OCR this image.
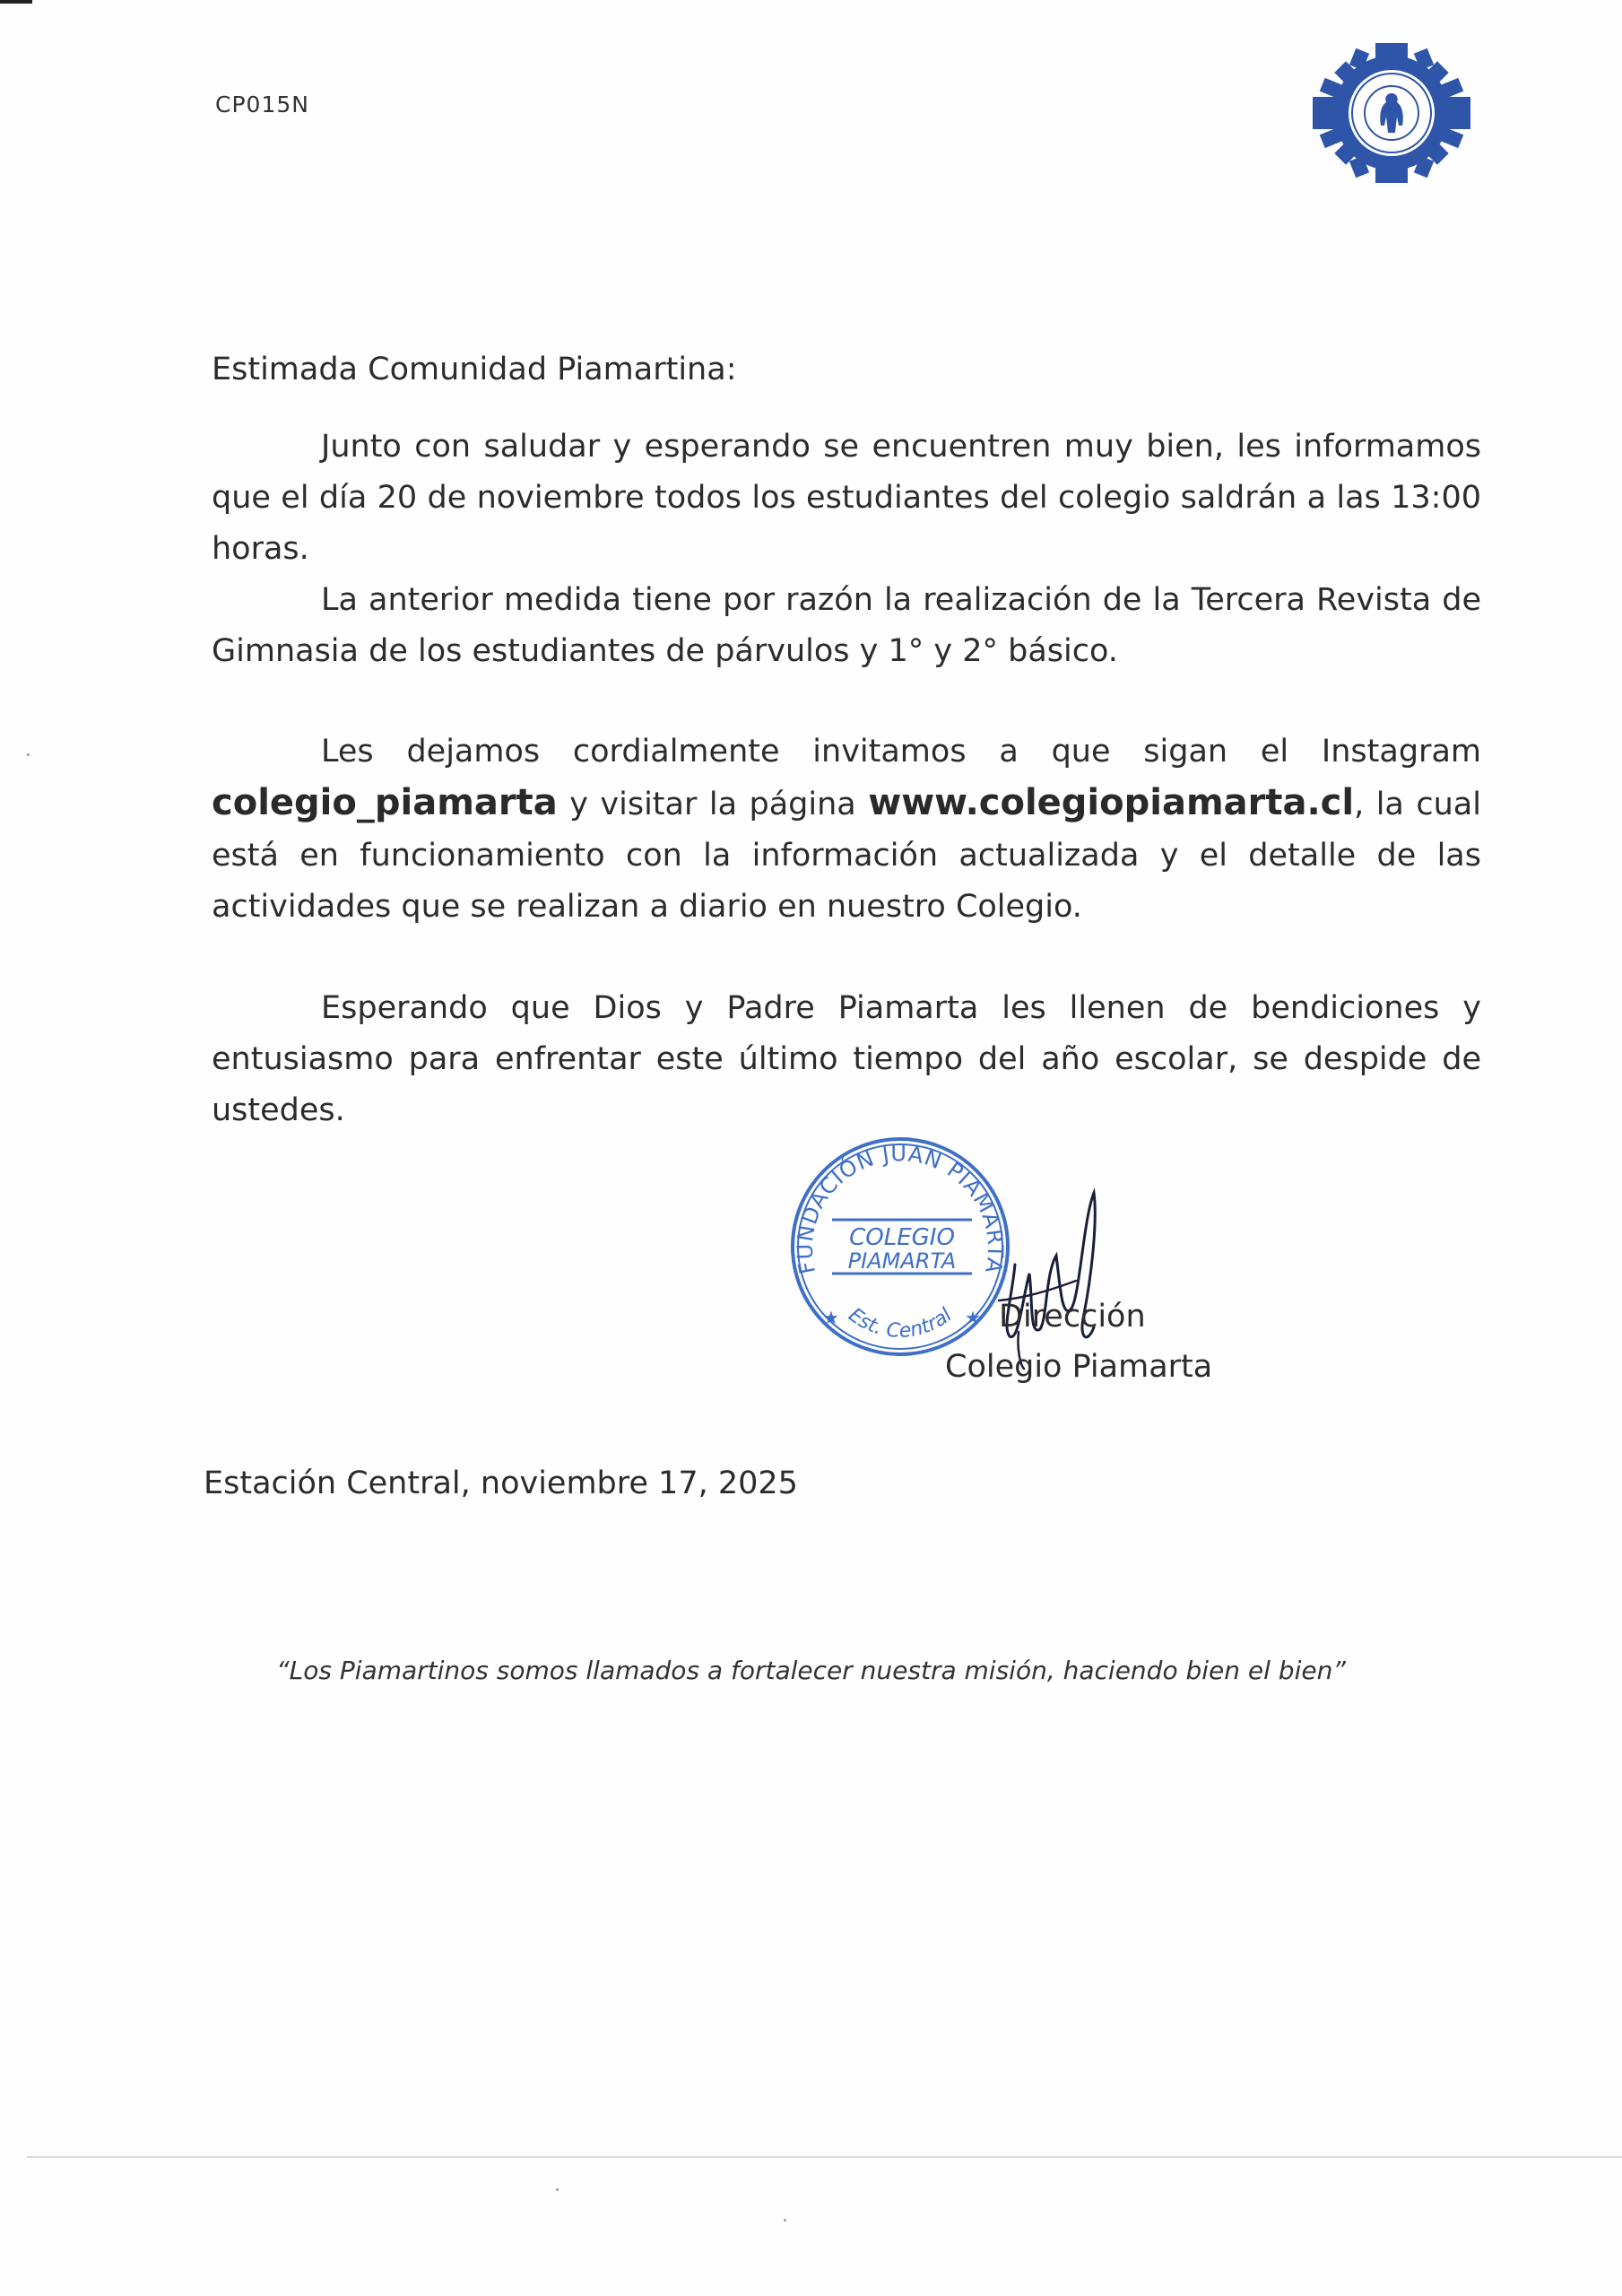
CP015N
Estimada Comunidad Piamartina:
Junto con saludar y esperando se encuentren muy bien, les informamos que el día 20 de noviembre todos los estudiantes del colegio saldrán a las 13:00 horas.
La anterior medida tiene por razón la realización de la Tercera Revista de Gimnasia de los estudiantes de párvulos y 1° y 2° básico.
Les dejamos cordialmente invitamos a que sigan el Instagram colegio_piamarta y visitar la página www.colegiopiamarta.cl, la cual está en funcionamiento con la información actualizada y el detalle de las actividades que se realizan a diario en nuestro Colegio.
Esperando que Dios y Padre Piamarta les llenen de bendiciones y entusiasmo para enfrentar este último tiempo del año escolar, se despide de ustedes.
FUNDACIÓN JUAN PIAMARTA
COLEGIO
PIAMARTA
Est. Central
★	★ Dirección
Colegio Piamarta
Estación Central, noviembre 17, 2025
“Los Piamartinos somos llamados a fortalecer nuestra misión, haciendo bien el bien”
